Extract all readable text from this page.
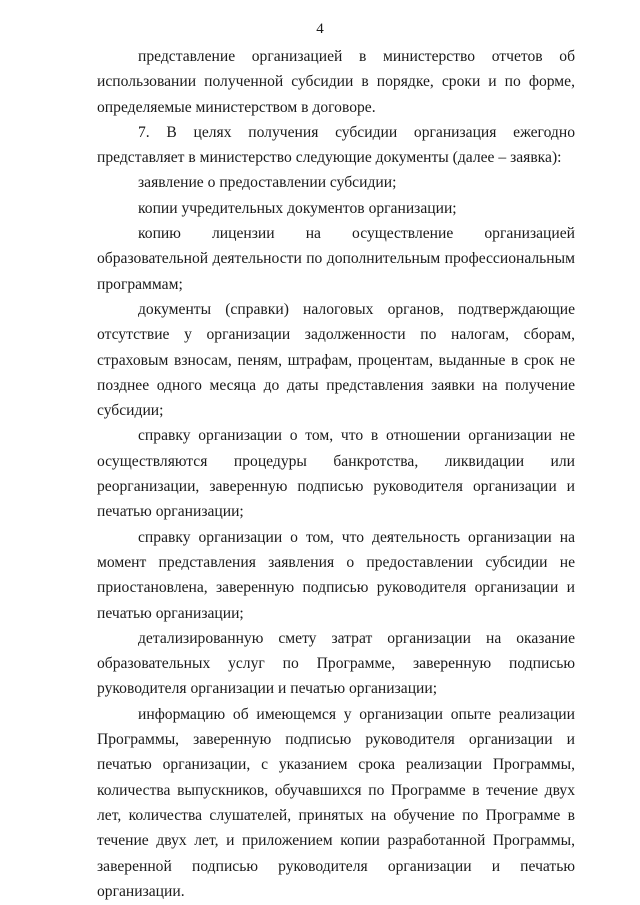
4

представление организацией в министерство отчетов об использовании полученной субсидии в порядке, сроки и по форме, определяемые министерством в договоре.

7. В целях получения субсидии организация ежегодно представляет в министерство следующие документы (далее – заявка):

заявление о предоставлении субсидии;

копии учредительных документов организации;

копию лицензии на осуществление организацией образовательной деятельности по дополнительным профессиональным программам;

документы (справки) налоговых органов, подтверждающие отсутствие у организации задолженности по налогам, сборам, страховым взносам, пеням, штрафам, процентам, выданные в срок не позднее одного месяца до даты представления заявки на получение субсидии;

справку организации о том, что в отношении организации не осуществляются процедуры банкротства, ликвидации или реорганизации, заверенную подписью руководителя организации и печатью организации;

справку организации о том, что деятельность организации на момент представления заявления о предоставлении субсидии не приостановлена, заверенную подписью руководителя организации и печатью организации;

детализированную смету затрат организации на оказание образовательных услуг по Программе, заверенную подписью руководителя организации и печатью организации;

информацию об имеющемся у организации опыте реализации Программы, заверенную подписью руководителя организации и печатью организации, с указанием срока реализации Программы, количества выпускников, обучавшихся по Программе в течение двух лет, количества слушателей, принятых на обучение по Программе в течение двух лет, и приложением копии разработанной Программы, заверенной подписью руководителя организации и печатью организации.
